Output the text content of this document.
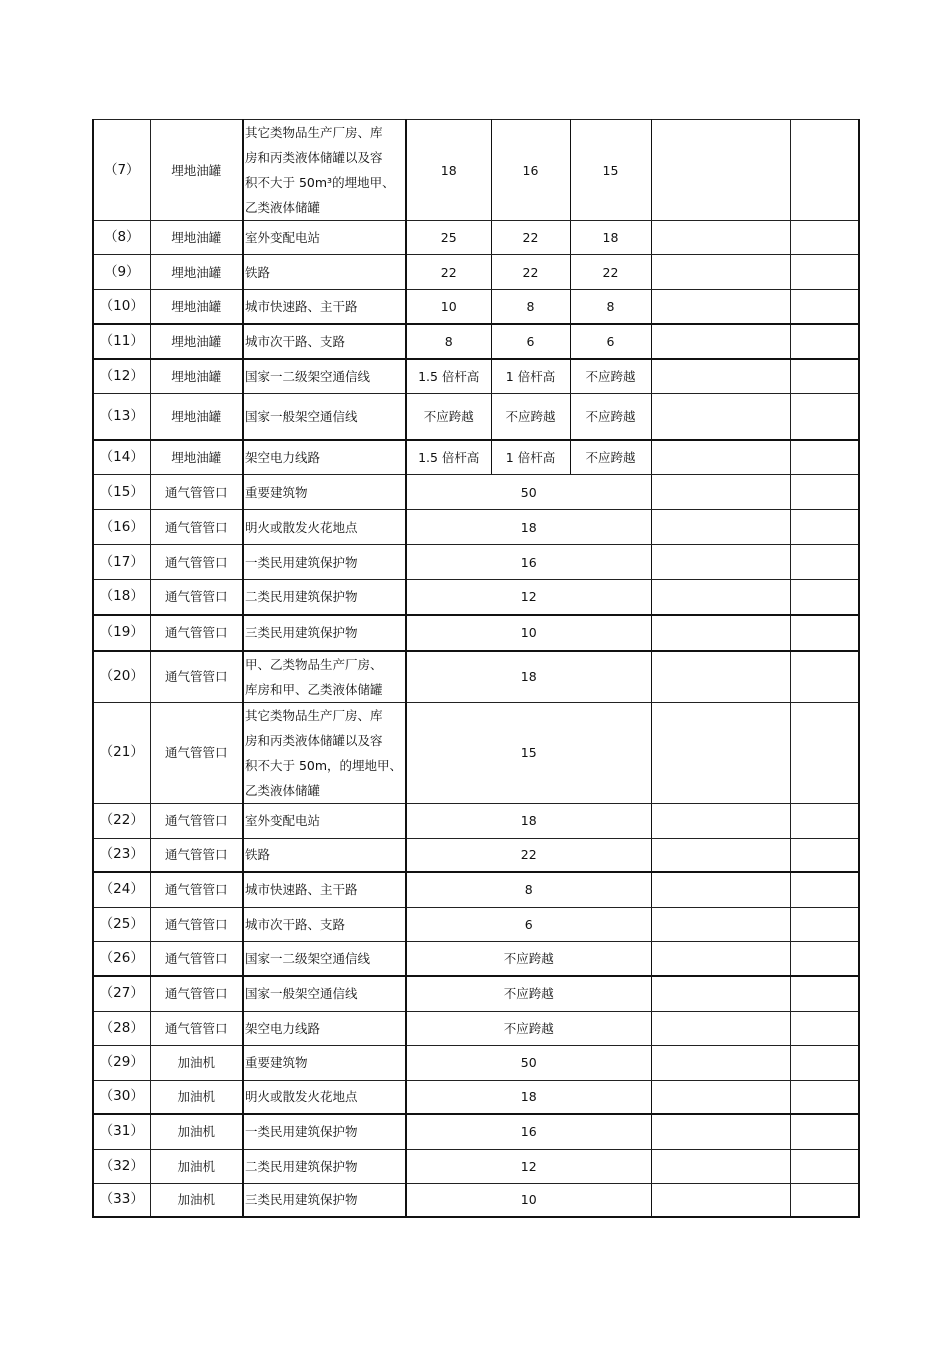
（7）	埋地油罐	其它类物品生产厂房、库
房和丙类液体储罐以及容
积不大于 50m³的埋地甲、
乙类液体储罐	18	16	15		
（8）	埋地油罐	室外变配电站	25	22	18		
（9）	埋地油罐	铁路	22	22	22		
（10）	埋地油罐	城市快速路、主干路	10	8	8		
（11）	埋地油罐	城市次干路、支路	8	6	6		
（12）	埋地油罐	国家一二级架空通信线	1.5 倍杆高	1 倍杆高	不应跨越		
（13）	埋地油罐	国家一般架空通信线	不应跨越	不应跨越	不应跨越		
（14）	埋地油罐	架空电力线路	1.5 倍杆高	1 倍杆高	不应跨越		
（15）	通气管管口	重要建筑物	50				
（16）	通气管管口	明火或散发火花地点	18				
（17）	通气管管口	一类民用建筑保护物	16				
（18）	通气管管口	二类民用建筑保护物	12				
（19）	通气管管口	三类民用建筑保护物	10				
（20）	通气管管口	甲、乙类物品生产厂房、
库房和甲、乙类液体储罐	18				
（21）	通气管管口	其它类物品生产厂房、库
房和丙类液体储罐以及容
积不大于 50m，的埋地甲、
乙类液体储罐	15				
（22）	通气管管口	室外变配电站	18				
（23）	通气管管口	铁路	22				
（24）	通气管管口	城市快速路、主干路	8				
（25）	通气管管口	城市次干路、支路	6				
（26）	通气管管口	国家一二级架空通信线	不应跨越				
（27）	通气管管口	国家一般架空通信线	不应跨越				
（28）	通气管管口	架空电力线路	不应跨越				
（29）	加油机	重要建筑物	50				
（30）	加油机	明火或散发火花地点	18				
（31）	加油机	一类民用建筑保护物	16				
（32）	加油机	二类民用建筑保护物	12				
（33）	加油机	三类民用建筑保护物	10				
